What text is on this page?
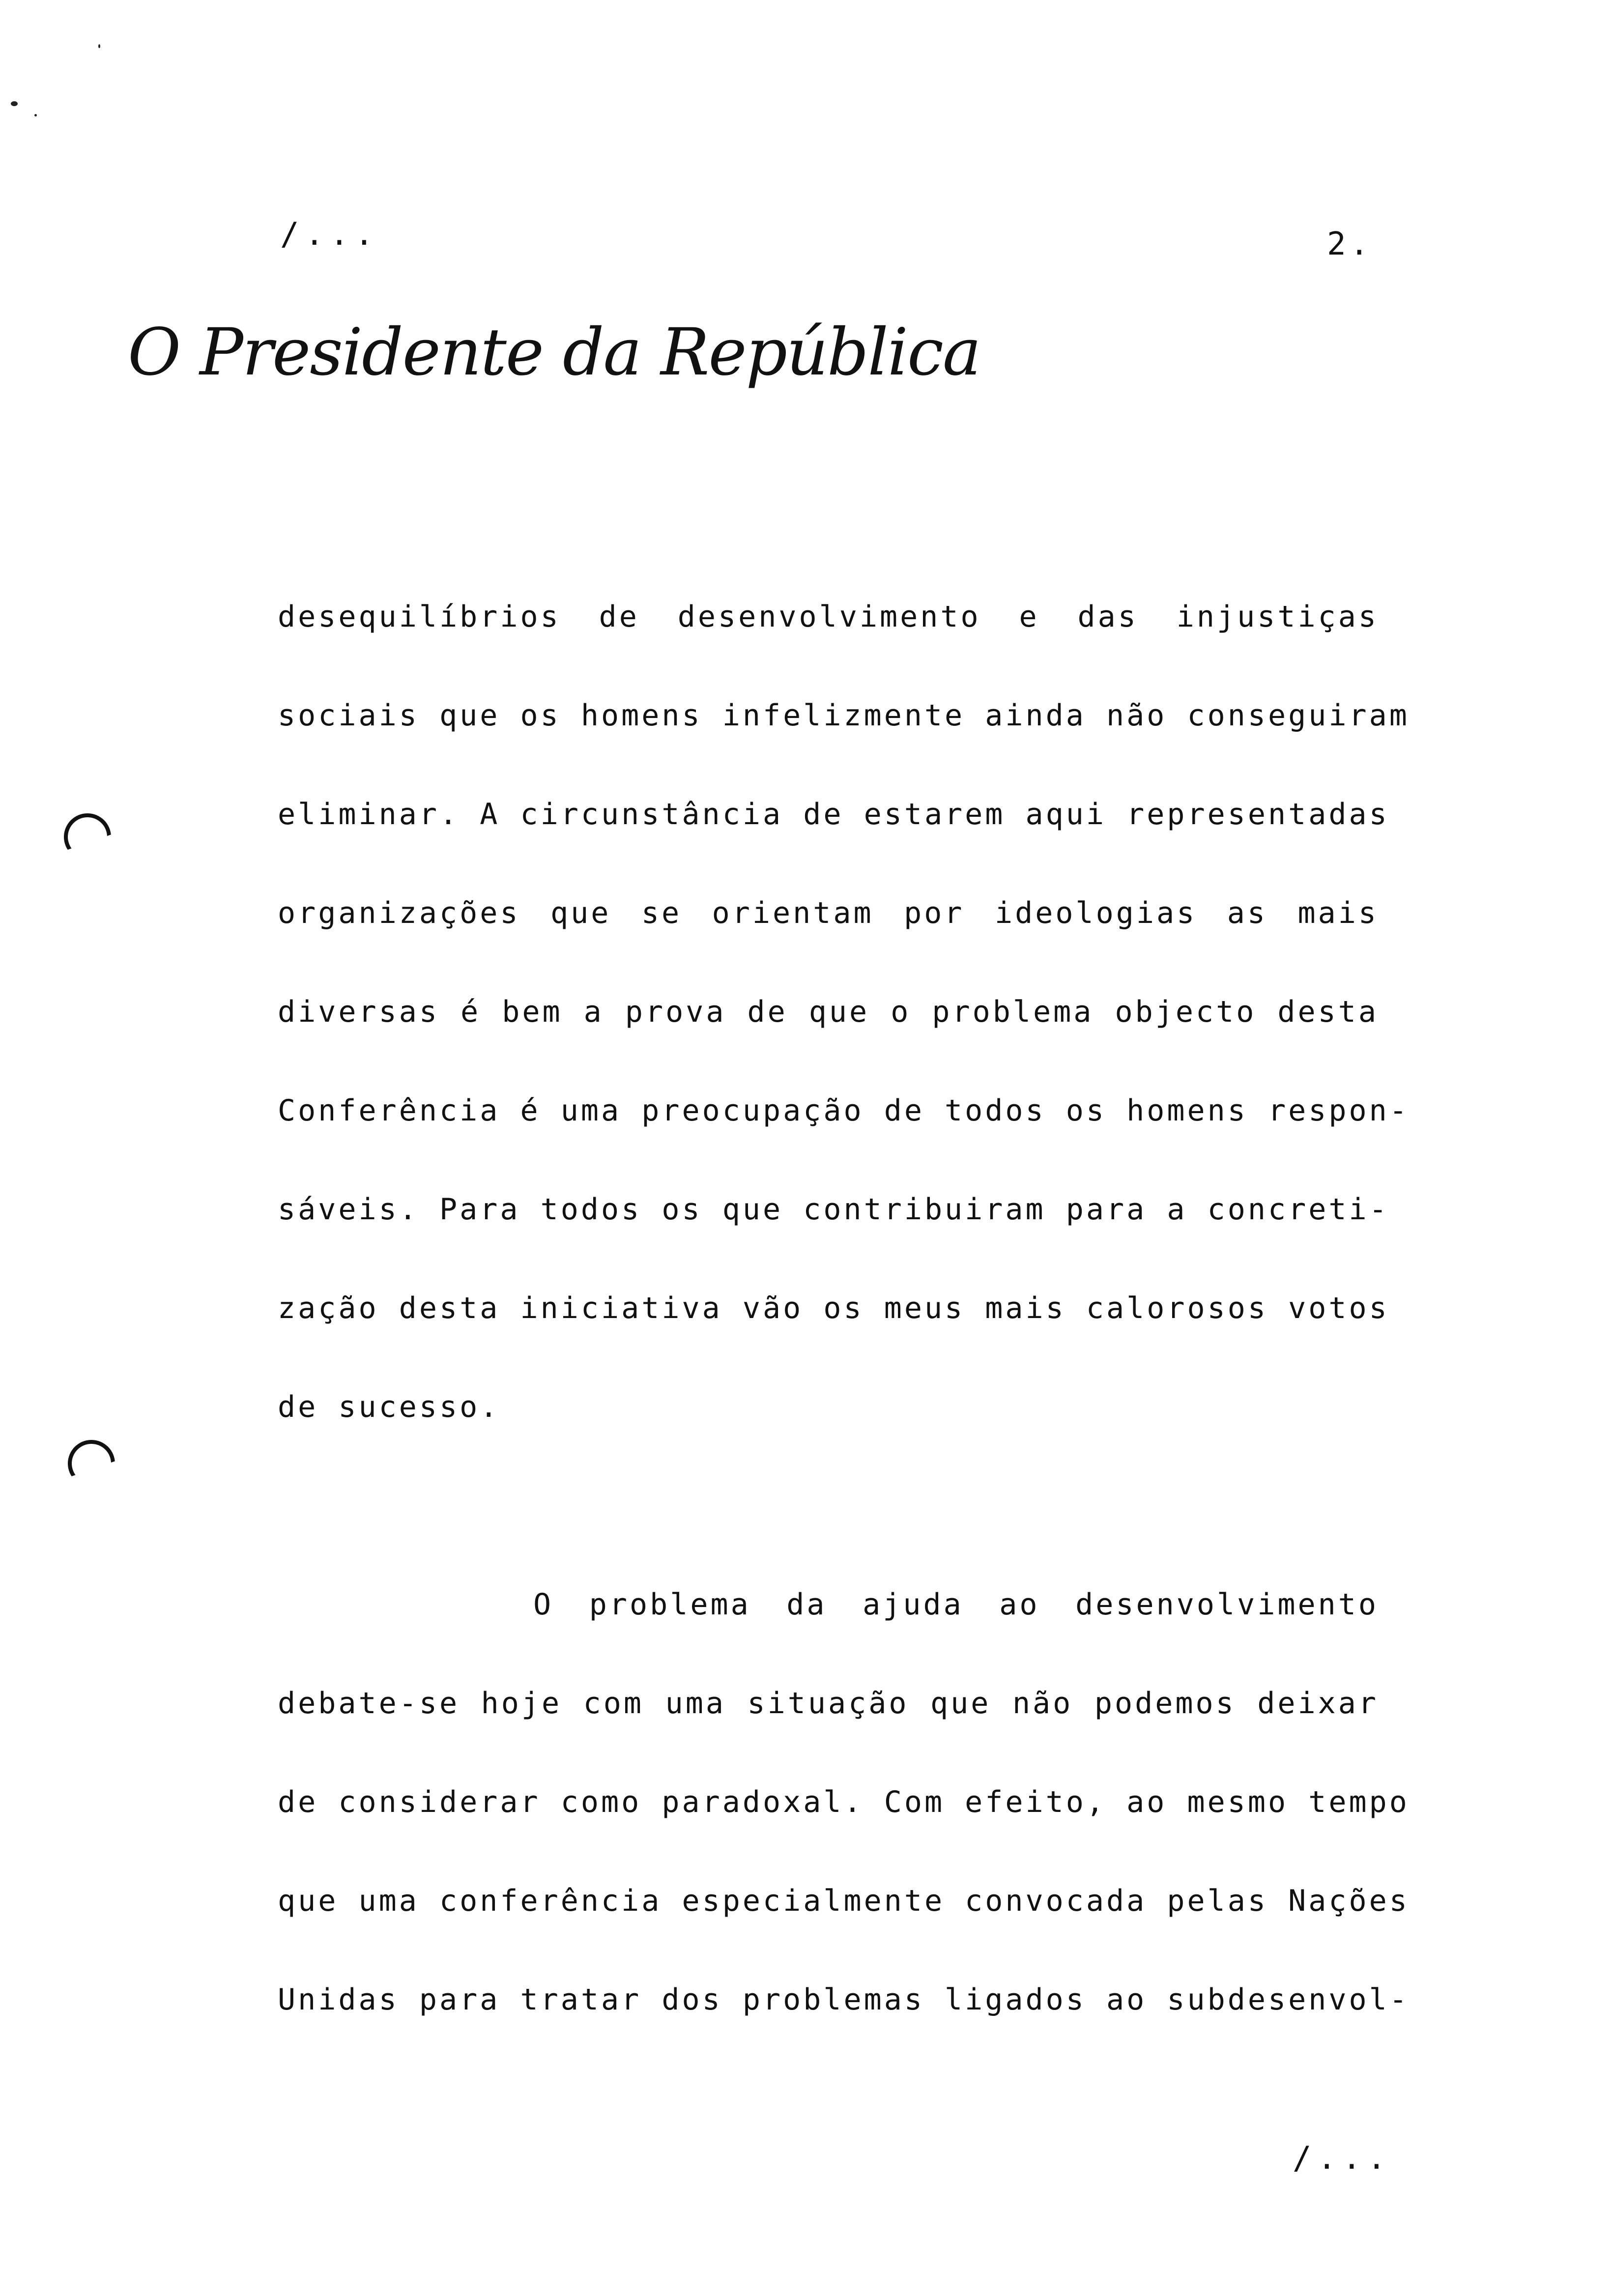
/...	2.
O Presidente da República
desequilíbrios de desenvolvimento e das injustiças
sociais que os homens infelizmente ainda não conseguiram
eliminar. A circunstância de estarem aqui representadas
organizações que se orientam por ideologias as mais
diversas é bem a prova de que o problema objecto desta
Conferência é uma preocupação de todos os homens respon-
sáveis. Para todos os que contribuiram para a concreti-
zação desta iniciativa vão os meus mais calorosos votos
de sucesso.
O problema da ajuda ao desenvolvimento
debate-se hoje com uma situação que não podemos deixar
de considerar como paradoxal. Com efeito, ao mesmo tempo
que uma conferência especialmente convocada pelas Nações
Unidas para tratar dos problemas ligados ao subdesenvol-
/...
